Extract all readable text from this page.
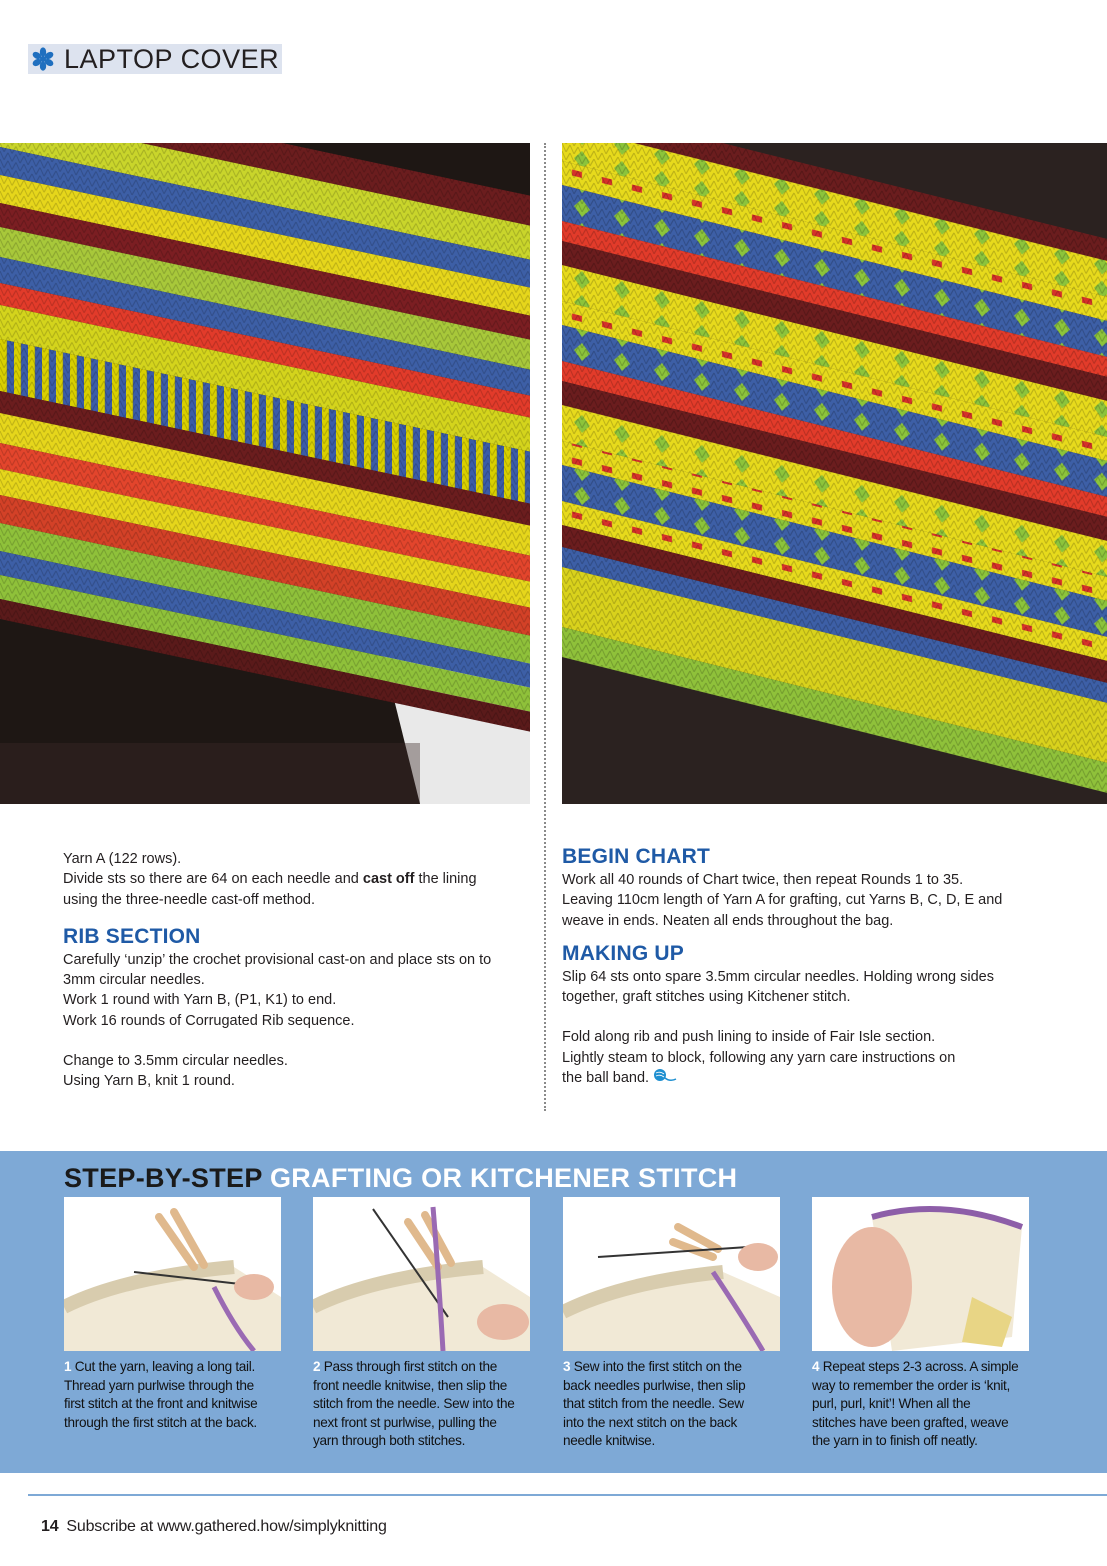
LAPTOP COVER

Yarn A (122 rows).

Divide sts so there are 64 on each needle and cast off the lining

using the three-needle cast-off method.

RIB SECTION

Carefully ‘unzip’ the crochet provisional cast-on and place sts on to

3mm circular needles.

Work 1 round with Yarn B, (P1, K1) to end.

Work 16 rounds of Corrugated Rib sequence.

Change to 3.5mm circular needles.

Using Yarn B, knit 1 round.

BEGIN CHART

Work all 40 rounds of Chart twice, then repeat Rounds 1 to 35.

Leaving 110cm length of Yarn A for grafting, cut Yarns B, C, D, E and

weave in ends. Neaten all ends throughout the bag.

MAKING UP

Slip 64 sts onto spare 3.5mm circular needles. Holding wrong sides

together, graft stitches using Kitchener stitch.

Fold along rib and push lining to inside of Fair Isle section.

Lightly steam to block, following any yarn care instructions on

the ball band.

STEP-BY-STEP GRAFTING OR KITCHENER STITCH
1 Cut the yarn, leaving a long tail.
Thread yarn purlwise through the
first stitch at the front and knitwise
through the first stitch at the back.
2 Pass through first stitch on the
front needle knitwise, then slip the
stitch from the needle. Sew into the
next front st purlwise, pulling the
yarn through both stitches.
3 Sew into the first stitch on the
back needles purlwise, then slip
that stitch from the needle. Sew
into the next stitch on the back
needle knitwise.
4 Repeat steps 2-3 across. A simple
way to remember the order is ‘knit,
purl, purl, knit’! When all the
stitches have been grafted, weave
the yarn in to finish off neatly.
14 Subscribe at www.gathered.how/simplyknitting
